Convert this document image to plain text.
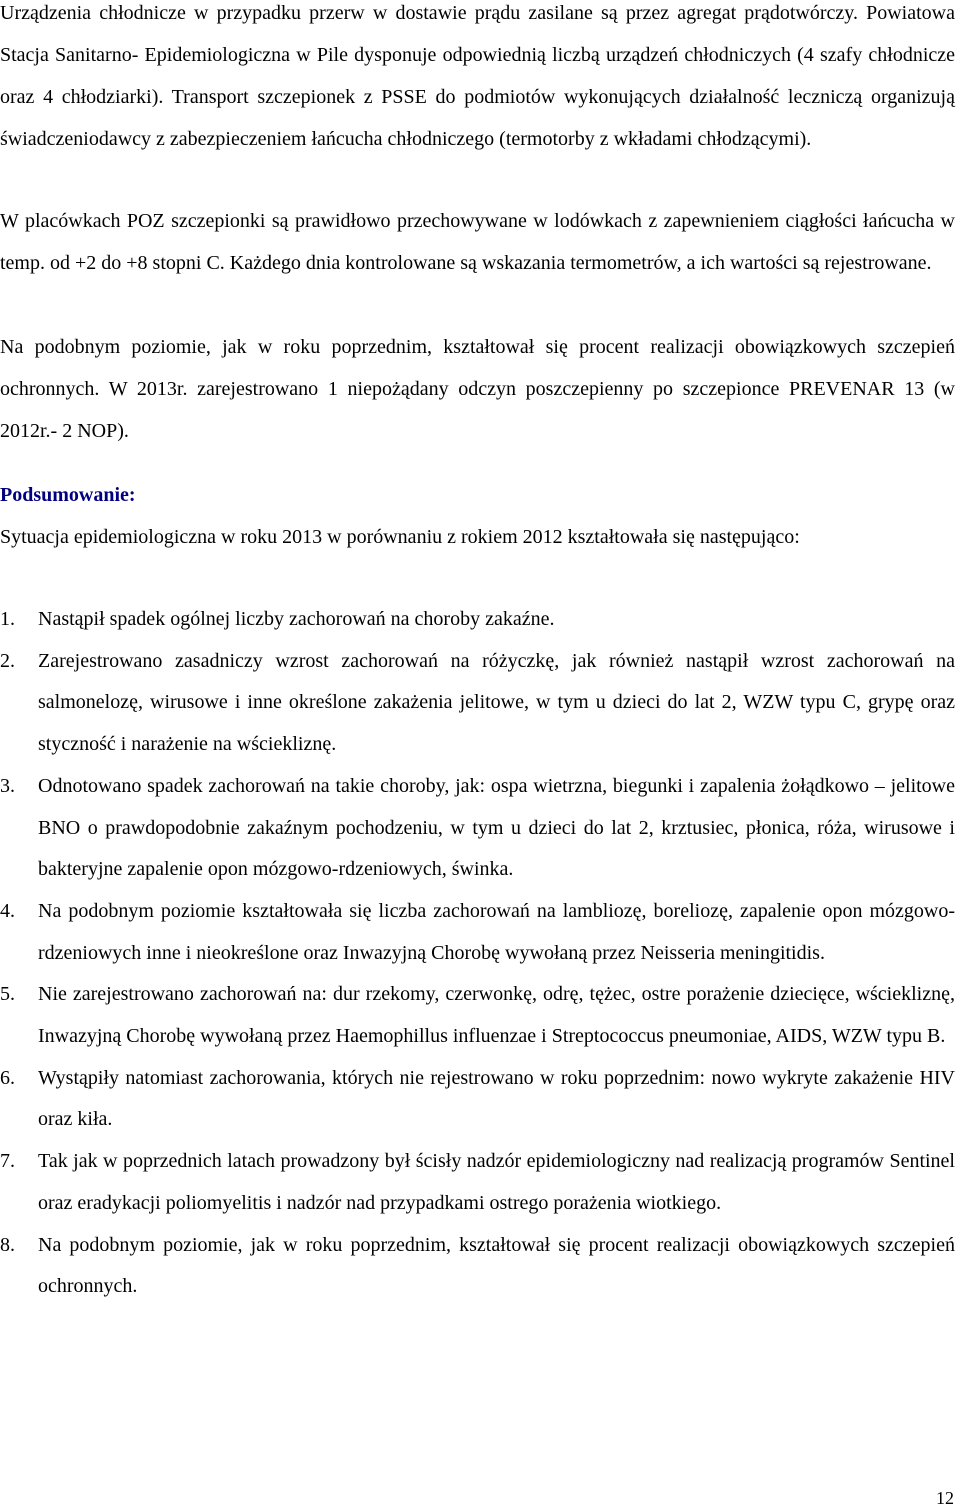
Urządzenia chłodnicze w przypadku przerw w dostawie prądu zasilane są przez agregat prądotwórczy. Powiatowa Stacja Sanitarno- Epidemiologiczna w Pile dysponuje odpowiednią liczbą urządzeń chłodniczych (4 szafy chłodnicze oraz 4 chłodziarki). Transport szczepionek z PSSE do podmiotów wykonujących działalność leczniczą organizują świadczeniodawcy z zabezpieczeniem łańcucha chłodniczego (termotorby z wkładami chłodzącymi).

W placówkach POZ szczepionki są prawidłowo przechowywane w lodówkach z zapewnieniem ciągłości łańcucha w temp. od +2 do +8 stopni C. Każdego dnia kontrolowane są wskazania termometrów, a ich wartości są rejestrowane.

Na podobnym poziomie, jak w roku poprzednim, kształtował się procent realizacji obowiązkowych szczepień ochronnych. W 2013r. zarejestrowano 1 niepożądany odczyn poszczepienny po szczepionce PREVENAR 13 (w 2012r.- 2 NOP).

Podsumowanie:

Sytuacja epidemiologiczna w roku 2013 w porównaniu z rokiem 2012 kształtowała się następująco:

1. Nastąpił spadek ogólnej liczby zachorowań na choroby zakaźne.
2. Zarejestrowano zasadniczy wzrost zachorowań na różyczkę, jak również nastąpił wzrost zachorowań na salmonelozę, wirusowe i inne określone zakażenia jelitowe, w tym u dzieci do lat 2, WZW typu C, grypę oraz styczność i narażenie na wściekliznę.
3. Odnotowano spadek zachorowań na takie choroby, jak: ospa wietrzna, biegunki i zapalenia żołądkowo – jelitowe BNO o prawdopodobnie zakaźnym pochodzeniu, w tym u dzieci do lat 2, krztusiec, płonica, róża, wirusowe i bakteryjne zapalenie opon mózgowo-rdzeniowych, świnka.
4. Na podobnym poziomie kształtowała się liczba zachorowań na lambliozę, boreliozę, zapalenie opon mózgowo-rdzeniowych inne i nieokreślone oraz Inwazyjną Chorobę wywołaną przez Neisseria meningitidis.
5. Nie zarejestrowano zachorowań na: dur rzekomy, czerwonkę, odrę, tężec, ostre porażenie dziecięce, wściekliznę, Inwazyjną Chorobę wywołaną przez Haemophillus influenzae i Streptococcus pneumoniae, AIDS, WZW typu B.
6. Wystąpiły natomiast zachorowania, których nie rejestrowano w roku poprzednim: nowo wykryte zakażenie HIV oraz kiła.
7. Tak jak w poprzednich latach prowadzony był ścisły nadzór epidemiologiczny nad realizacją programów Sentinel oraz eradykacji poliomyelitis i nadzór nad przypadkami ostrego porażenia wiotkiego.
8. Na podobnym poziomie, jak w roku poprzednim, kształtował się procent realizacji obowiązkowych szczepień ochronnych.
12
